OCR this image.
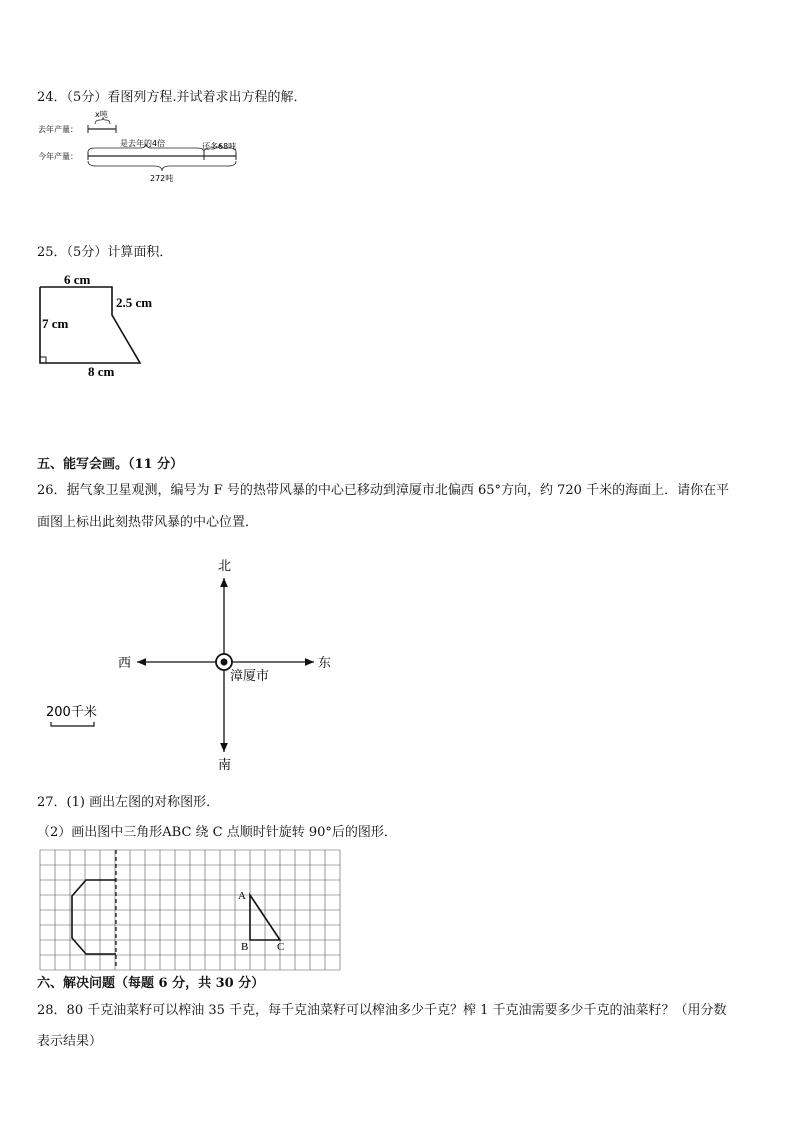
24．（5分）看图列方程.并试着求出方程的解．
去年产量：
今年产量：
x吨
是去年的4倍	还多68吨
272吨
25．（5分）计算面积．
6 cm
2.5 cm
7 cm
8 cm
五、能写会画。（11 分）
26．据气象卫星观测，编号为 F 号的热带风暴的中心已移动到漳厦市北偏西 65°方向，约 720 千米的海面上．请你在平
面图上标出此刻热带风暴的中心位置．
北
南
东
西
漳厦市
200千米
27．(1) 画出左图的对称图形．
（2）画出图中三角形ABC 绕 C 点顺时针旋转 90°后的图形．
A
B	C
六、解决问题（每题 6 分，共 30 分）
28．80 千克油菜籽可以榨油 35 千克，每千克油菜籽可以榨油多少千克？榨 1 千克油需要多少千克的油菜籽？（用分数
表示结果）
